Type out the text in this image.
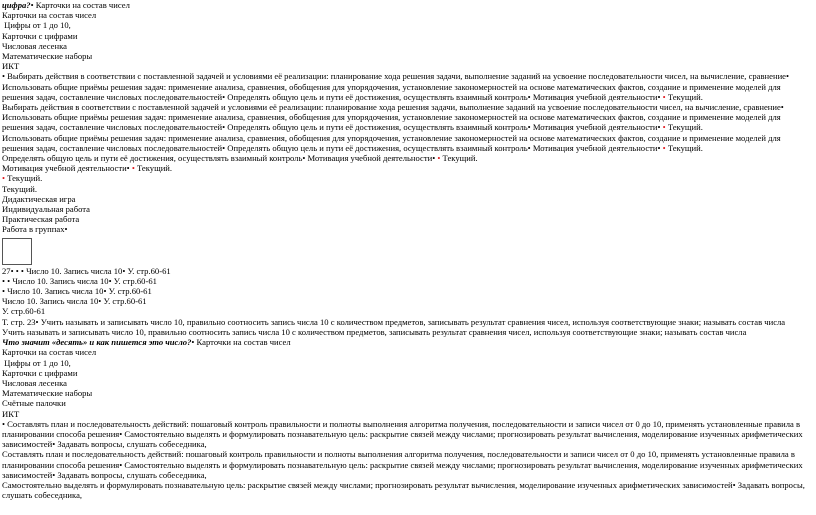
цифра?• Карточки на состав чисел
Карточки на состав чисел
Цифры от 1 до 10,
Карточки с цифрами
Числовая лесенка
Математические наборы
ИКТ
• Выбирать действия в соответствии с поставленной задачей и условиями её реализации: планирование хода решения задачи, выполнение заданий на усвоение последовательности чисел, на вычисление, сравнение• Использовать общие приёмы решения задач: применение анализа, сравнения, обобщения для упорядочения, установление закономерностей на основе математических фактов, создание и применение моделей для решения задач, составление числовых последовательностей• Определять общую цель и пути её достижения, осуществлять взаимный контроль• Мотивация учебной деятельности• • Текущий.
Выбирать действия в соответствии с поставленной задачей и условиями её реализации: планирование хода решения задачи, выполнение заданий на усвоение последовательности чисел, на вычисление, сравнение• Использовать общие приёмы решения задач: применение анализа, сравнения, обобщения для упорядочения, установление закономерностей на основе математических фактов, создание и применение моделей для решения задач, составление числовых последовательностей• Определять общую цель и пути её достижения, осуществлять взаимный контроль• Мотивация учебной деятельности• • Текущий.
Использовать общие приёмы решения задач: применение анализа, сравнения, обобщения для упорядочения, установление закономерностей на основе математических фактов, создание и применение моделей для решения задач, составление числовых последовательностей• Определять общую цель и пути её достижения, осуществлять взаимный контроль• Мотивация учебной деятельности• • Текущий.
Определять общую цель и пути её достижения, осуществлять взаимный контроль• Мотивация учебной деятельности• • Текущий.
Мотивация учебной деятельности• • Текущий.
• Текущий.
Текущий.
Дидактическая игра
Индивидуальная работа
Практическая работа
Работа в группах•
27• • • Число 10. Запись числа 10• У. стр.60-61
• • Число 10. Запись числа 10• У. стр.60-61
• Число 10. Запись числа 10• У. стр.60-61
Число 10. Запись числа 10• У. стр.60-61
У. стр.60-61
Т. стр. 23• Учить называть и записывать число 10, правильно соотносить запись числа 10 с количеством предметов, записывать результат сравнения чисел, используя соответствующие знаки; называть состав числа
Учить называть и записывать число 10, правильно соотносить запись числа 10 с количеством предметов, записывать результат сравнения чисел, используя соответствующие знаки; называть состав числа
Что значит «десять» и как пишется это число?• Карточки на состав чисел
Карточки на состав чисел
Цифры от 1 до 10,
Карточки с цифрами
Числовая лесенка
Математические наборы
Счётные палочки
ИКТ
• Составлять план и последовательность действий: пошаговый контроль правильности и полноты выполнения алгоритма получения, последовательности и записи чисел от 0 до 10, применять установленные правила в планировании способа решения• Самостоятельно выделять и формулировать познавательную цель: раскрытие связей между числами; прогнозировать результат вычисления, моделирование изученных арифметических зависимостей• Задавать вопросы, слушать собеседника,
Составлять план и последовательность действий: пошаговый контроль правильности и полноты выполнения алгоритма получения, последовательности и записи чисел от 0 до 10, применять установленные правила в планировании способа решения• Самостоятельно выделять и формулировать познавательную цель: раскрытие связей между числами; прогнозировать результат вычисления, моделирование изученных арифметических зависимостей• Задавать вопросы, слушать собеседника,
Самостоятельно выделять и формулировать познавательную цель: раскрытие связей между числами; прогнозировать результат вычисления, моделирование изученных арифметических зависимостей• Задавать вопросы, слушать собеседника,
